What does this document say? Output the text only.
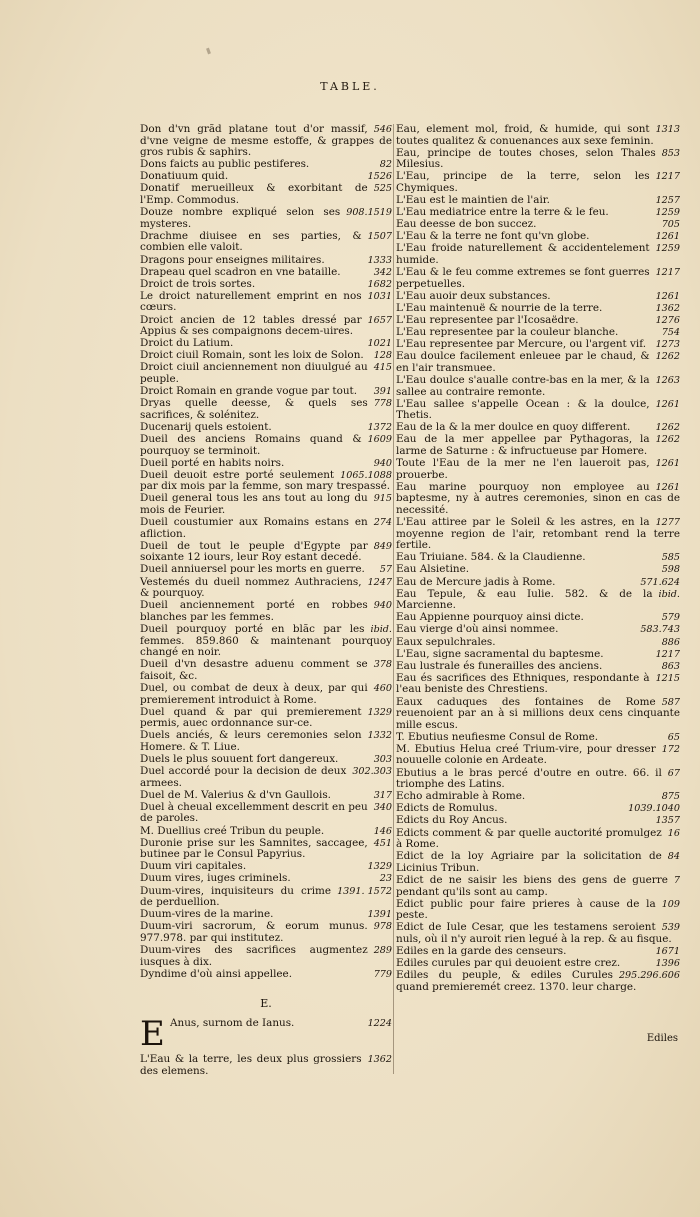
TABLE.
546
Don d'vn grãd platane tout d'or massif, d'vne veigne de mesme estoffe, & grappes de gros rubis & saphirs.
82
Dons faicts au public pestiferes.
1526
Donatiuum quid.
525
Donatif merueilleux & exorbitant de l'Emp. Commodus.
908.1519
Douze nombre expliqué selon ses mysteres.
1507
Drachme diuisee en ses parties, & combien elle valoit.
1333
Dragons pour enseignes militaires.
342
Drapeau quel scadron en vne bataille.
1682
Droict de trois sortes.
1031
Le droict naturellement emprint en nos cœurs.
1657
Droict ancien de 12 tables dressé par Appius & ses compaignons decem-uires.
1021
Droict du Latium.
128
Droict ciuil Romain, sont les loix de Solon.
415
Droict ciuil anciennement non diuulgué au peuple.
391
Droict Romain en grande vogue par tout.
778
Dryas quelle deesse, & quels ses sacrifices, & solénitez.
1372
Ducenarij quels estoient.
1609
Dueil des anciens Romains quand & pourquoy se terminoit.
940
Dueil porté en habits noirs.
1065.1088
Dueil deuoit estre porté seulement par dix mois par la femme, son mary trespassé.
915
Dueil general tous les ans tout au long du mois de Feurier.
274
Dueil coustumier aux Romains estans en afliction.
849
Dueil de tout le peuple d'Egypte par soixante 12 iours, leur Roy estant decedé.
57
Dueil anniuersel pour les morts en guerre.
1247
Vestemés du dueil nommez Authraciens, & pourquoy.
940
Dueil anciennement porté en robbes blanches par les femmes.
ibid.
Dueil pourquoy porté en blãc par les femmes. 859.860 & maintenant pourquoy changé en noir.
378
Dueil d'vn desastre aduenu comment se faisoit, &c.
460
Duel, ou combat de deux à deux, par qui premierement introduict à Rome.
1329
Duel quand & par qui premierement permis, auec ordonnance sur-ce.
1332
Duels anciés, & leurs ceremonies selon Homere. & T. Liue.
303
Duels le plus souuent fort dangereux.
302.303
Duel accordé pour la decision de deux armees.
317
Duel de M. Valerius & d'vn Gaullois.
340
Duel à cheual excellemment descrit en peu de paroles.
146
M. Duellius creé Tribun du peuple.
451
Duronie prise sur les Samnites, saccagee, butinee par le Consul Papyrius.
1329
Duum viri capitales.
23
Duum vires, iuges criminels.
1391. 1572
Duum-vires, inquisiteurs du crime de perduellion.
1391
Duum-vires de la marine.
978
Duum-viri sacrorum, & eorum munus. 977.978. par qui institutez.
289
Duum-vires des sacrifices augmentez iusques à dix.
779
Dyndime d'où ainsi appellee.
E.
E	1224
Anus, surnom de Ianus.
1362
L'Eau & la terre, les deux plus grossiers des elemens.
1313
Eau, element mol, froid, & humide, qui sont toutes qualitez & conuenances aux sexe feminin.
853
Eau, principe de toutes choses, selon Thales Milesius.
1217
L'Eau, principe de la terre, selon les Chymiques.
1257
L'Eau est le maintien de l'air.
1259
L'Eau mediatrice entre la terre & le feu.
705
Eau deesse de bon succez.
1261
L'Eau & la terre ne font qu'vn globe.
1259
L'Eau froide naturellement & accidentelement humide.
1217
L'Eau & le feu comme extremes se font guerres perpetuelles.
1261
L'Eau auoir deux substances.
1362
L'Eau maintenuë & nourrie de la terre.
1276
L'Eau representee par l'Icosaëdre.
754
L'Eau representee par la couleur blanche.
1273
L'Eau representee par Mercure, ou l'argent vif.
1262
Eau doulce facilement enleuee par le chaud, & en l'air transmuee.
1263
L'Eau doulce s'aualle contre-bas en la mer, & la sallee au contraire remonte.
1261
L'Eau sallee s'appelle Ocean : & la doulce, Thetis.
1262
Eau de la & la mer doulce en quoy different.
1262
Eau de la mer appellee par Pythagoras, la larme de Saturne : & infructueuse par Homere.
1261
Toute l'Eau de la mer ne l'en laueroit pas, prouerbe.
1261
Eau marine pourquoy non employee au baptesme, ny à autres ceremonies, sinon en cas de necessité.
1277
L'Eau attiree par le Soleil & les astres, en la moyenne region de l'air, retombant rend la terre fertile.
585
Eau Triuiane. 584. & la Claudienne.
598
Eau Alsietine.
571.624
Eau de Mercure jadis à Rome.
ibid.
Eau Tepule, & eau Iulie. 582. & de la Marcienne.
579
Eau Appienne pourquoy ainsi dicte.
583.743
Eau vierge d'où ainsi nommee.
886
Eaux sepulchrales.
1217
L'Eau, signe sacramental du baptesme.
863
Eau lustrale és funerailles des anciens.
1215
Eau és sacrifices des Ethniques, respondante à l'eau beniste des Chrestiens.
587
Eaux caduques des fontaines de Rome reuenoient par an à si millions deux cens cinquante mille escus.
65
T. Ebutius neufiesme Consul de Rome.
172
M. Ebutius Helua creé Trium-vire, pour dresser nouuelle colonie en Ardeate.
67
Ebutius a le bras percé d'outre en outre. 66. il triomphe des Latins.
875
Echo admirable à Rome.
1039.1040
Edicts de Romulus.
1357
Edicts du Roy Ancus.
16
Edicts comment & par quelle auctorité promulgez à Rome.
84
Edict de la loy Agriaire par la solicitation de Licinius Tribun.
7
Edict de ne saisir les biens des gens de guerre pendant qu'ils sont au camp.
109
Edict public pour faire prieres à cause de la peste.
539
Edict de Iule Cesar, que les testamens seroient nuls, où il n'y auroit rien legué à la rep. & au fisque.
1671
Ediles en la garde des censeurs.
1396
Ediles curules par qui deuoient estre crez.
295.296.606
Ediles du peuple, & ediles Curules quand premieremét creez. 1370. leur charge.
Ediles
